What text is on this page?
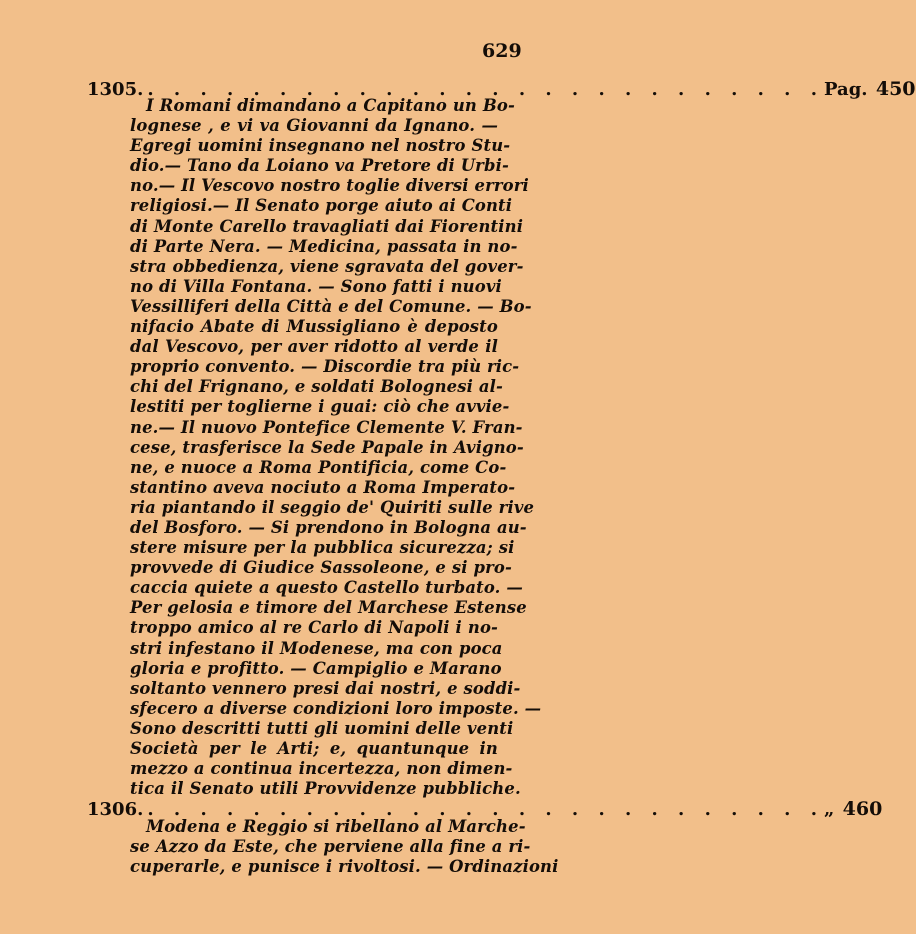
629
1305. . . . . . . . . . . . . . . . . . . . . . . . . . . Pag. 450
I Romani dimandano a Capitano un Bo-
lognese , e vi va Giovanni da Ignano. —
Egregi uomini insegnano nel nostro Stu-
dio.— Tano da Loiano va Pretore di Urbi-
no.— Il Vescovo nostro toglie diversi errori
religiosi.— Il Senato porge aiuto ai Conti
di Monte Carello travagliati dai Fiorentini
di Parte Nera. — Medicina, passata in no-
stra obbedienza, viene sgravata del gover-
no di Villa Fontana. — Sono fatti i nuovi
Vessilliferi della Città e del Comune. — Bo-
nifacio Abate di Mussigliano è deposto
dal Vescovo, per aver ridotto al verde il
proprio convento. — Discordie tra più ric-
chi del Frignano, e soldati Bolognesi al-
lestiti per toglierne i guai: ciò che avvie-
ne.— Il nuovo Pontefice Clemente V. Fran-
cese, trasferisce la Sede Papale in Avigno-
ne, e nuoce a Roma Pontificia, come Co-
stantino aveva nociuto a Roma Imperato-
ria piantando il seggio de' Quiriti sulle rive
del Bosforo. — Si prendono in Bologna au-
stere misure per la pubblica sicurezza; si
provvede di Giudice Sassoleone, e si pro-
caccia quiete a questo Castello turbato. —
Per gelosia e timore del Marchese Estense
troppo amico al re Carlo di Napoli i no-
stri infestano il Modenese, ma con poca
gloria e profitto. — Campiglio e Marano
soltanto vennero presi dai nostri, e soddi-
sfecero a diverse condizioni loro imposte. —
Sono descritti tutti gli uomini delle venti
Società per le Arti; e, quantunque in
mezzo a continua incertezza, non dimen-
tica il Senato utili Provvidenze pubbliche.
1306. . . . . . . . . . . . . . . . . . . . . . . . . . . „ 460
Modena e Reggio si ribellano al Marche-
se Azzo da Este, che perviene alla fine a ri-
cuperarle, e punisce i rivoltosi. — Ordinazioni
